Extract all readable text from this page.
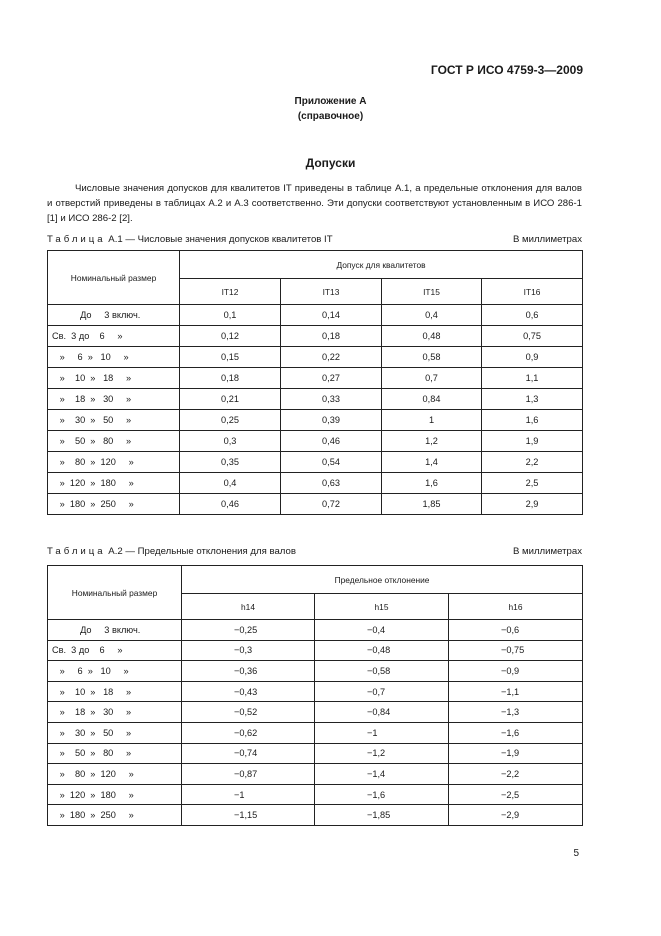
ГОСТ Р ИСО 4759-3—2009
Приложение А
(справочное)
Допуски

Числовые значения допусков для квалитетов IT приведены в таблице А.1, а предельные отклонения для валов и отверстий приведены в таблицах А.2 и А.3 соответственно. Эти допуски соответствуют установленным в ИСО 286-1 [1] и ИСО 286-2 [2].

Таблица А.1 — Числовые значения допусков квалитетов IT	В миллиметрах
Номинальный размер	Допуск для квалитетов			
	IT12	IT13	IT15	IT16
До     3 включ.	0,1	0,14	0,4	0,6
Св.  3 до    6     »	0,12	0,18	0,48	0,75
»     6  »   10     »	0,15	0,22	0,58	0,9
»    10  »   18     »	0,18	0,27	0,7	1,1
»    18  »   30     »	0,21	0,33	0,84	1,3
»    30  »   50     »	0,25	0,39	1	1,6
»    50  »   80     »	0,3	0,46	1,2	1,9
»    80  »  120     »	0,35	0,54	1,4	2,2
»  120  »  180     »	0,4	0,63	1,6	2,5
»  180  »  250     »	0,46	0,72	1,85	2,9
Таблица А.2 — Предельные отклонения для валов	В миллиметрах
Номинальный размер	Предельное отклонение		
	h14	h15	h16
До     3 включ.	−0,25	−0,4	−0,6
Св.  3 до    6     »	−0,3	−0,48	−0,75
»     6  »   10     »	−0,36	−0,58	−0,9
»    10  »   18     »	−0,43	−0,7	−1,1
»    18  »   30     »	−0,52	−0,84	−1,3
»    30  »   50     »	−0,62	−1	−1,6
»    50  »   80     »	−0,74	−1,2	−1,9
»    80  »  120     »	−0,87	−1,4	−2,2
»  120  »  180     »	−1	−1,6	−2,5
»  180  »  250     »	−1,15	−1,85	−2,9
5
